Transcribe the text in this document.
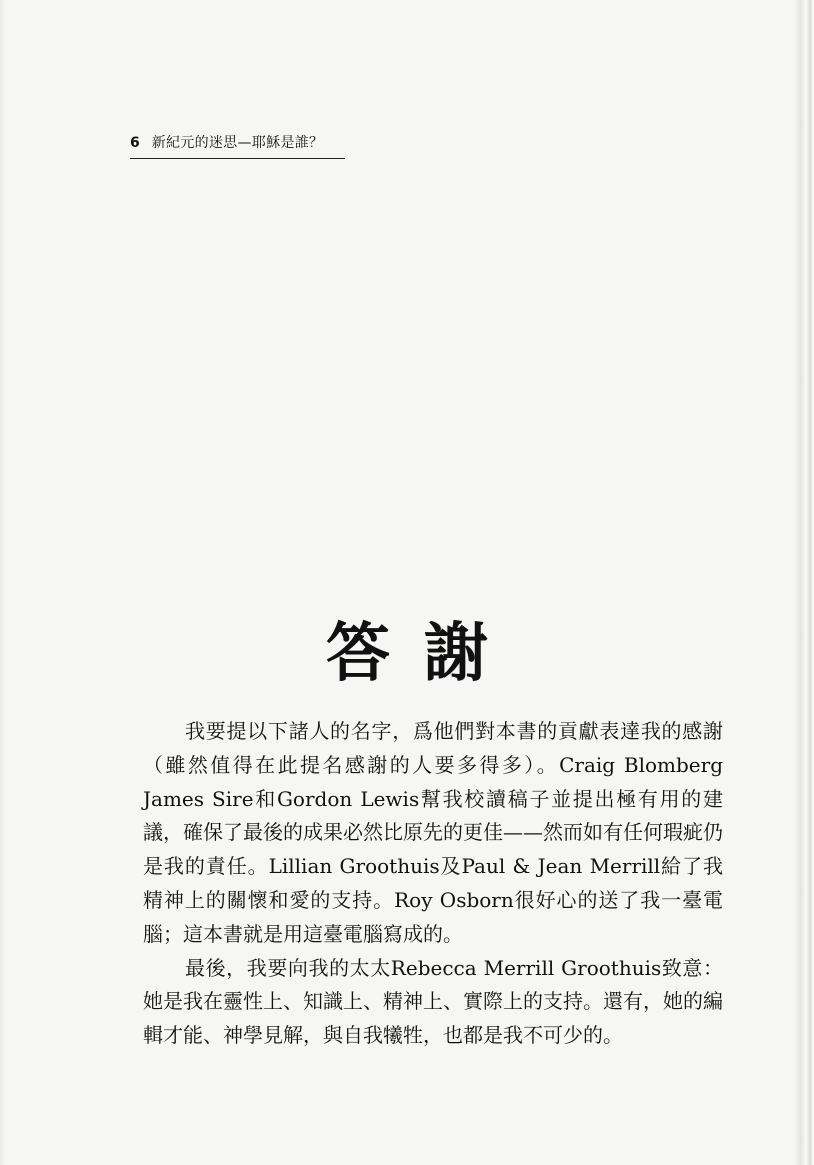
6 新紀元的迷思—耶穌是誰？
答謝

我要提以下諸人的名字，爲他們對本書的貢獻表達我的感謝（雖然值得在此提名感謝的人要多得多）。Craig Blomberg James Sire和Gordon Lewis幫我校讀稿子並提出極有用的建議，確保了最後的成果必然比原先的更佳——然而如有任何瑕疵仍是我的責任。Lillian Groothuis及Paul & Jean Merrill給了我精神上的關懷和愛的支持。Roy Osborn很好心的送了我一臺電腦；這本書就是用這臺電腦寫成的。

最後，我要向我的太太Rebecca Merrill Groothuis致意：她是我在靈性上、知識上、精神上、實際上的支持。還有，她的編輯才能、神學見解，與自我犧牲，也都是我不可少的。
